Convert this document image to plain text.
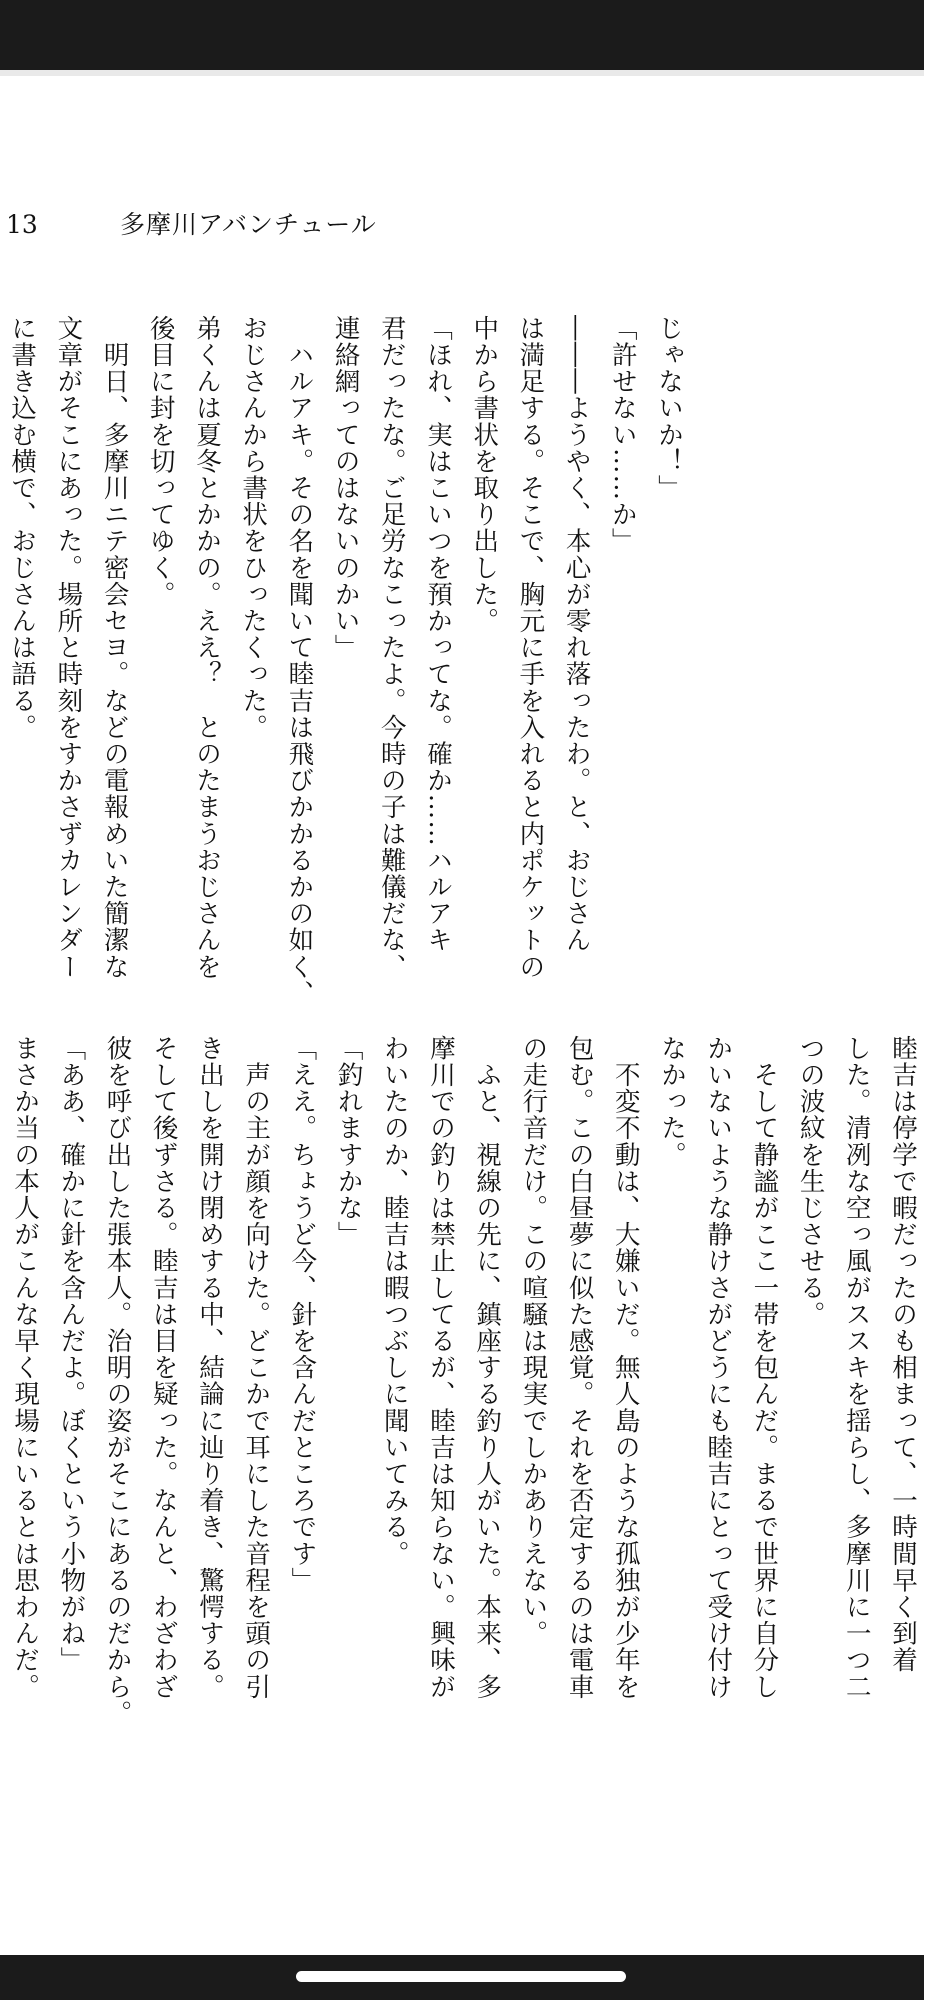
13	多摩川アバンチュール

じゃないか！」

「許せない……か」

―――ようやく、本心が零れ落ったわ。と、おじさん

は満足する。そこで、胸元に手を入れると内ポケットの

中から書状を取り出した。

「ほれ、実はこいつを預かってな。確か……ハルアキ

君だったな。ご足労なこったよ。今時の子は難儀だな、

連絡網ってのはないのかい」

　ハルアキ。その名を聞いて睦吉は飛びかかるかの如く、

おじさんから書状をひったくった。

弟くんは夏冬とかかの。ええ？　とのたまうおじさんを

後目に封を切ってゆく。

　明日、多摩川ニテ密会セヨ。などの電報めいた簡潔な

文章がそこにあった。場所と時刻をすかさずカレンダー

に書き込む横で、おじさんは語る。

睦吉は停学で暇だったのも相まって、一時間早く到着

した。清冽な空っ風がススキを揺らし、多摩川に一つ二

つの波紋を生じさせる。

　そして静謐がここ一帯を包んだ。まるで世界に自分し

かいないような静けさがどうにも睦吉にとって受け付け

なかった。

　不変不動は、大嫌いだ。無人島のような孤独が少年を

包む。この白昼夢に似た感覚。それを否定するのは電車

の走行音だけ。この喧騒は現実でしかありえない。

　ふと、視線の先に、鎮座する釣り人がいた。本来、多

摩川での釣りは禁止してるが、睦吉は知らない。興味が

わいたのか、睦吉は暇つぶしに聞いてみる。

「釣れますかな」

「ええ。ちょうど今、針を含んだところです」

　声の主が顔を向けた。どこかで耳にした音程を頭の引

き出しを開け閉めする中、結論に辿り着き、驚愕する。

そして後ずさる。睦吉は目を疑った。なんと、わざわざ

彼を呼び出した張本人。治明の姿がそこにあるのだから。

「ああ、確かに針を含んだよ。ぼくという小物がね」

まさか当の本人がこんな早く現場にいるとは思わんだ。
